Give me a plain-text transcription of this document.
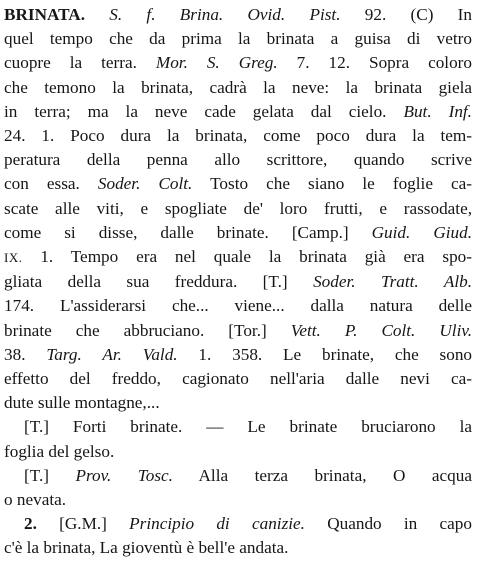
BRINATA. S. f. Brina. Ovid. Pist. 92. (C) In
quel tempo che da prima la brinata a guisa di vetro
cuopre la terra. Mor. S. Greg. 7. 12. Sopra coloro
che temono la brinata, cadrà la neve: la brinata giela
in terra; ma la neve cade gelata dal cielo. But. Inf.
24. 1. Poco dura la brinata, come poco dura la tem-
peratura della penna allo scrittore, quando scrive
con essa. Soder. Colt. Tosto che siano le foglie ca-
scate alle viti, e spogliate de' loro frutti, e rassodate,
come si disse, dalle brinate. [Camp.] Guid. Giud.
IX. 1. Tempo era nel quale la brinata già era spo-
gliata della sua freddura. [T.] Soder. Tratt. Alb.
174. L'assiderarsi che... viene... dalla natura delle
brinate che abbruciano. [Tor.] Vett. P. Colt. Uliv.
38. Targ. Ar. Vald. 1. 358. Le brinate, che sono
effetto del freddo, cagionato nell'aria dalle nevi ca-
dute sulle montagne,...
[T.] Forti brinate. — Le brinate bruciarono la
foglia del gelso.
[T.] Prov. Tosc. Alla terza brinata, O acqua
o nevata.
2. [G.M.] Principio di canizie. Quando in capo
c'è la brinata, La gioventù è bell'e andata.
